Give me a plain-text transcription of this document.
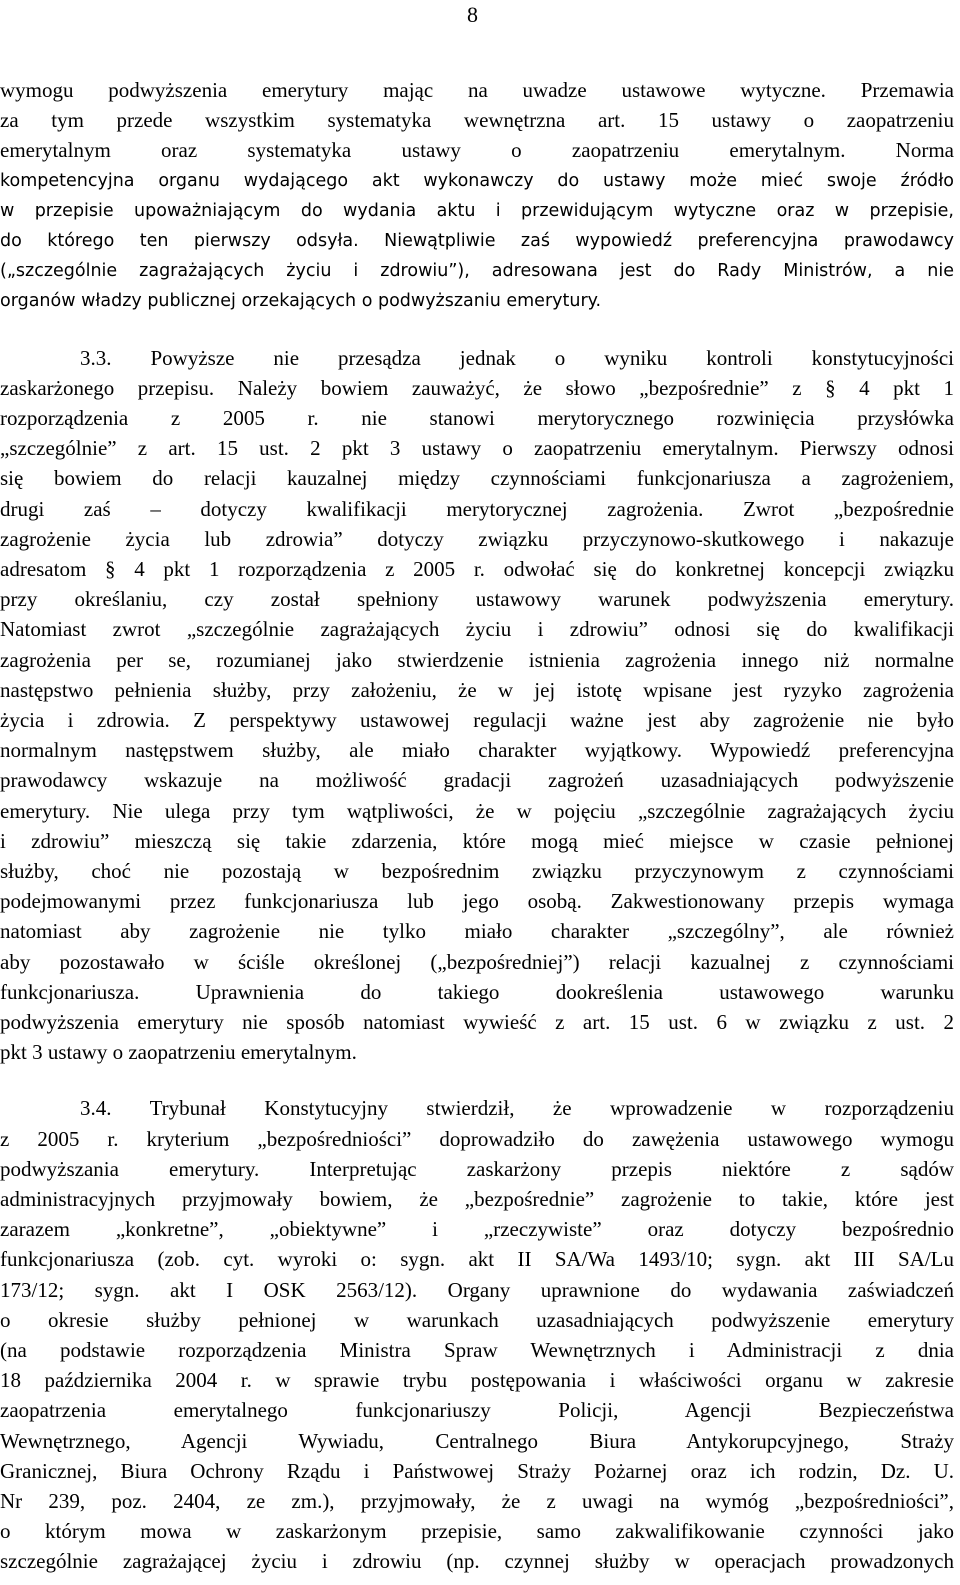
8
wymogu podwyższenia emerytury mając na uwadze ustawowe wytyczne. Przemawia
za tym przede wszystkim systematyka wewnętrzna art. 15 ustawy o zaopatrzeniu
emerytalnym oraz systematyka ustawy o zaopatrzeniu emerytalnym. Norma
kompetencyjna organu wydającego akt wykonawczy do ustawy może mieć swoje źródło
w przepisie upoważniającym do wydania aktu i przewidującym wytyczne oraz w przepisie,
do którego ten pierwszy odsyła. Niewątpliwie zaś wypowiedź preferencyjna prawodawcy
(„szczególnie zagrażających życiu i zdrowiu”), adresowana jest do Rady Ministrów, a nie
organów władzy publicznej orzekających o podwyższaniu emerytury.
3.3. Powyższe nie przesądza jednak o wyniku kontroli konstytucyjności
zaskarżonego przepisu. Należy bowiem zauważyć, że słowo „bezpośrednie” z § 4 pkt 1
rozporządzenia z 2005 r. nie stanowi merytorycznego rozwinięcia przysłówka
„szczególnie” z art. 15 ust. 2 pkt 3 ustawy o zaopatrzeniu emerytalnym. Pierwszy odnosi
się bowiem do relacji kauzalnej między czynnościami funkcjonariusza a zagrożeniem,
drugi zaś – dotyczy kwalifikacji merytorycznej zagrożenia. Zwrot „bezpośrednie
zagrożenie życia lub zdrowia” dotyczy związku przyczynowo-skutkowego i nakazuje
adresatom § 4 pkt 1 rozporządzenia z 2005 r. odwołać się do konkretnej koncepcji związku
przy określaniu, czy został spełniony ustawowy warunek podwyższenia emerytury.
Natomiast zwrot „szczególnie zagrażających życiu i zdrowiu” odnosi się do kwalifikacji
zagrożenia per se, rozumianej jako stwierdzenie istnienia zagrożenia innego niż normalne
następstwo pełnienia służby, przy założeniu, że w jej istotę wpisane jest ryzyko zagrożenia
życia i zdrowia. Z perspektywy ustawowej regulacji ważne jest aby zagrożenie nie było
normalnym następstwem służby, ale miało charakter wyjątkowy. Wypowiedź preferencyjna
prawodawcy wskazuje na możliwość gradacji zagrożeń uzasadniających podwyższenie
emerytury. Nie ulega przy tym wątpliwości, że w pojęciu „szczególnie zagrażających życiu
i zdrowiu” mieszczą się takie zdarzenia, które mogą mieć miejsce w czasie pełnionej
służby, choć nie pozostają w bezpośrednim związku przyczynowym z czynnościami
podejmowanymi przez funkcjonariusza lub jego osobą. Zakwestionowany przepis wymaga
natomiast aby zagrożenie nie tylko miało charakter „szczególny”, ale również
aby pozostawało w ściśle określonej („bezpośredniej”) relacji kazualnej z czynnościami
funkcjonariusza. Uprawnienia do takiego dookreślenia ustawowego warunku
podwyższenia emerytury nie sposób natomiast wywieść z art. 15 ust. 6 w związku z ust. 2
pkt 3 ustawy o zaopatrzeniu emerytalnym.
3.4. Trybunał Konstytucyjny stwierdził, że wprowadzenie w rozporządzeniu
z 2005 r. kryterium „bezpośredniości” doprowadziło do zawężenia ustawowego wymogu
podwyższania emerytury. Interpretując zaskarżony przepis niektóre z sądów
administracyjnych przyjmowały bowiem, że „bezpośrednie” zagrożenie to takie, które jest
zarazem „konkretne”, „obiektywne” i „rzeczywiste” oraz dotyczy bezpośrednio
funkcjonariusza (zob. cyt. wyroki o: sygn. akt II SA/Wa 1493/10; sygn. akt III SA/Lu
173/12; sygn. akt I OSK 2563/12). Organy uprawnione do wydawania zaświadczeń
o okresie służby pełnionej w warunkach uzasadniających podwyższenie emerytury
(na podstawie rozporządzenia Ministra Spraw Wewnętrznych i Administracji z dnia
18 października 2004 r. w sprawie trybu postępowania i właściwości organu w zakresie
zaopatrzenia emerytalnego funkcjonariuszy Policji, Agencji Bezpieczeństwa
Wewnętrznego, Agencji Wywiadu, Centralnego Biura Antykorupcyjnego, Straży
Granicznej, Biura Ochrony Rządu i Państwowej Straży Pożarnej oraz ich rodzin, Dz. U.
Nr 239, poz. 2404, ze zm.), przyjmowały, że z uwagi na wymóg „bezpośredniości”,
o którym mowa w zaskarżonym przepisie, samo zakwalifikowanie czynności jako
szczególnie zagrażającej życiu i zdrowiu (np. czynnej służby w operacjach prowadzonych
